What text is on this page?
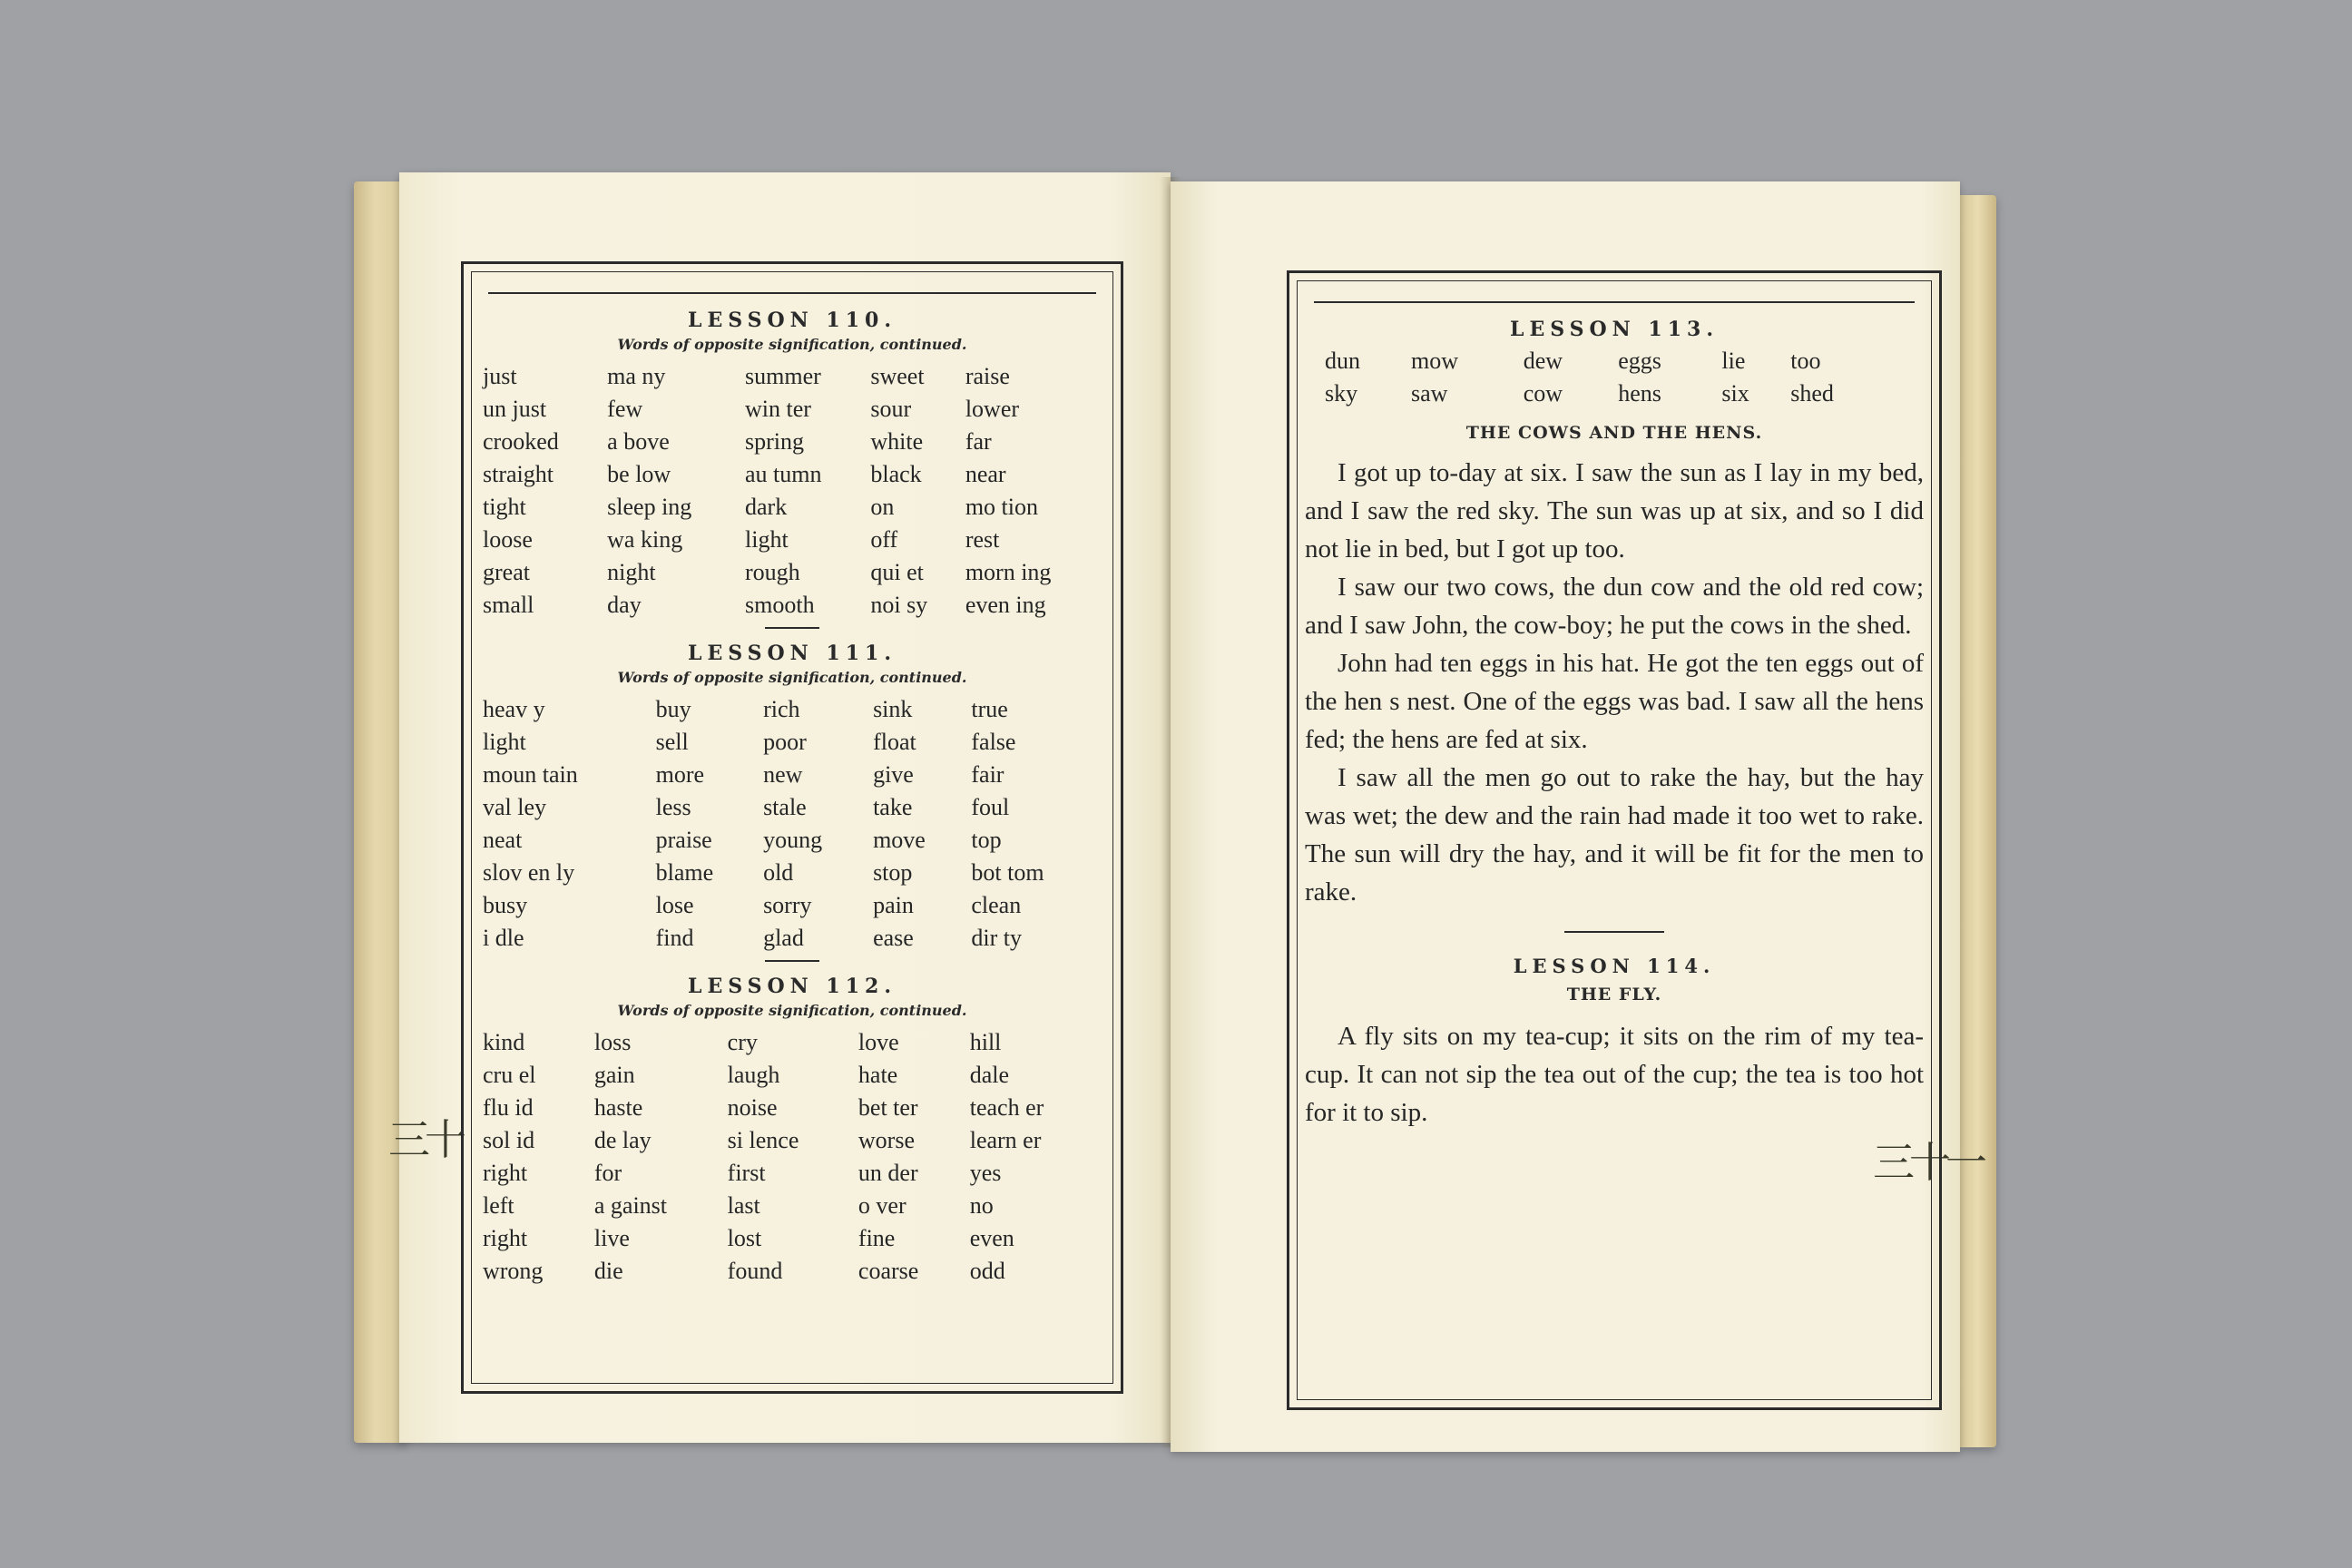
三十
LESSON 110.
Words of opposite signification, continued.
just	ma ny	summer	sweet	raise
un just	few	win ter	sour	lower
crooked	a bove	spring	white	far
straight	be low	au tumn	black	near
tight	sleep ing	dark	on	mo tion
loose	wa king	light	off	rest
great	night	rough	qui et	morn ing
small	day	smooth	noi sy	even ing
LESSON 111.
Words of opposite signification, continued.
heav y	buy	rich	sink	true
light	sell	poor	float	false
moun tain	more	new	give	fair
val ley	less	stale	take	foul
neat	praise	young	move	top
slov en ly	blame	old	stop	bot tom
busy	lose	sorry	pain	clean
i dle	find	glad	ease	dir ty
LESSON 112.
Words of opposite signification, continued.
kind	loss	cry	love	hill
cru el	gain	laugh	hate	dale
flu id	haste	noise	bet ter	teach er
sol id	de lay	si lence	worse	learn er
right	for	first	un der	yes
left	a gainst	last	o ver	no
right	live	lost	fine	even
wrong	die	found	coarse	odd
三十一
LESSON 113.
dun	mow	dew	eggs	lie	too
sky	saw	cow	hens	six	shed
THE COWS AND THE HENS.

I got up to-day at six. I saw the sun as I lay in my bed, and I saw the red sky. The sun was up at six, and so I did not lie in bed, but I got up too.

I saw our two cows, the dun cow and the old red cow; and I saw John, the cow-boy; he put the cows in the shed.

John had ten eggs in his hat. He got the ten eggs out of the hen s nest. One of the eggs was bad. I saw all the hens fed; the hens are fed at six.

I saw all the men go out to rake the hay, but the hay was wet; the dew and the rain had made it too wet to rake. The sun will dry the hay, and it will be fit for the men to rake.

LESSON 114.
THE FLY.

A fly sits on my tea-cup; it sits on the rim of my tea-cup. It can not sip the tea out of the cup; the tea is too hot for it to sip.
